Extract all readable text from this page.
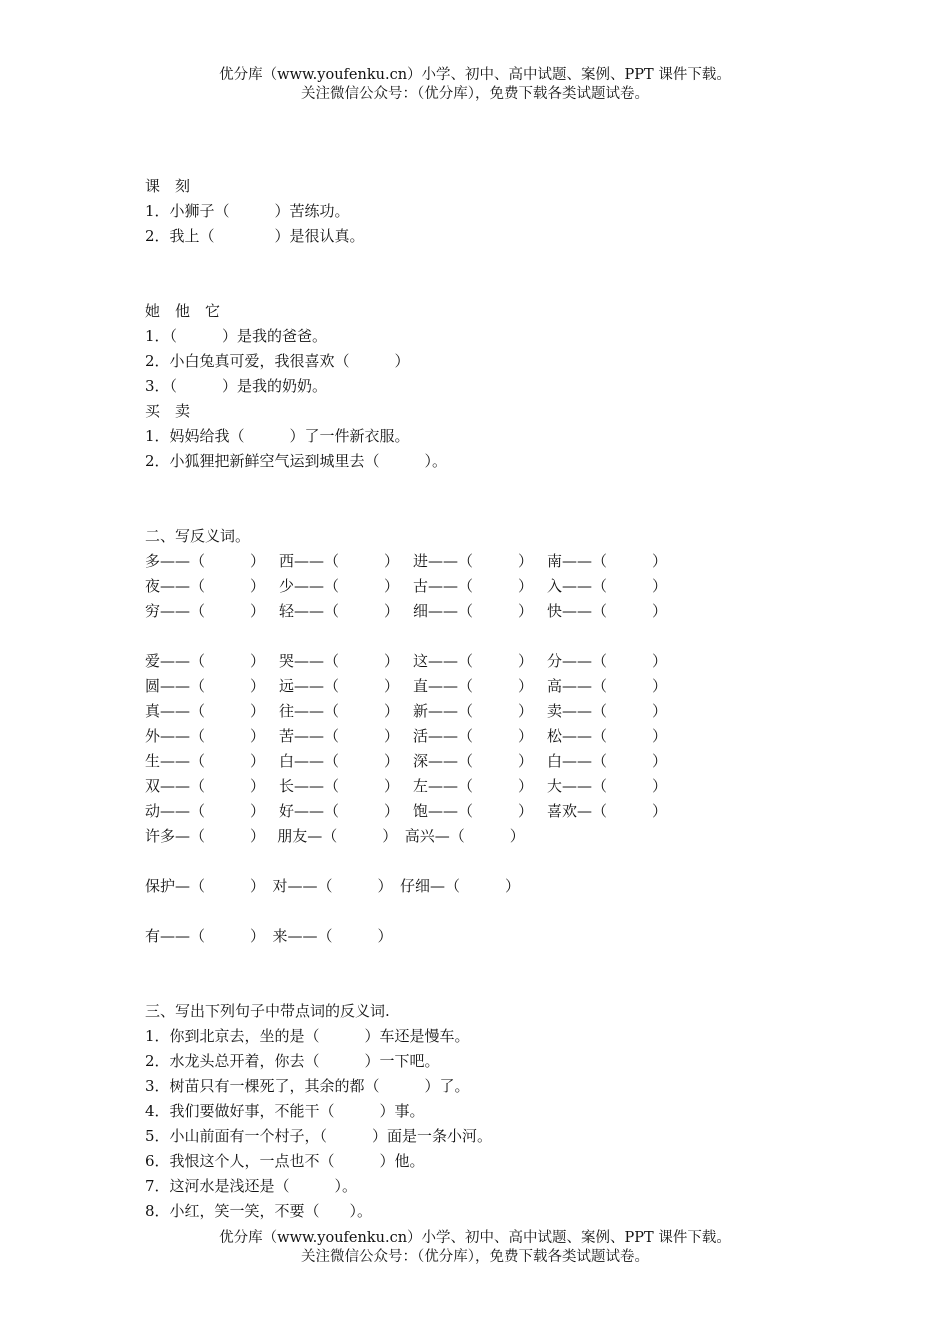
优分库（www.youfenku.cn）小学、初中、高中试题、案例、PPT 课件下载。
关注微信公众号：（优分库），免费下载各类试题试卷。
课　刻
1．小狮子（　　　）苦练功。
2．我上（　　　　）是很认真。
她　他　它
1．（　　　）是我的爸爸。
2．小白兔真可爱，我很喜欢（　　　）
3．（　　　）是我的奶奶。
买　卖
1．妈妈给我（　　　）了一件新衣服。
2．小狐狸把新鲜空气运到城里去（　　　）。
二、写反义词。

多——（　　　）

西——（　　　）

进——（　　　）

南——（　　　）

夜——（　　　）

少——（　　　）

古——（　　　）

入——（　　　）

穷——（　　　）

轻——（　　　）

细——（　　　）

快——（　　　）

爱——（　　　）

哭——（　　　）

这——（　　　）

分——（　　　）

圆——（　　　）

远——（　　　）

直——（　　　）

高——（　　　）

真——（　　　）

往——（　　　）

新——（　　　）

卖——（　　　）

外——（　　　）

苦——（　　　）

活——（　　　）

松——（　　　）

生——（　　　）

白——（　　　）

深——（　　　）

白——（　　　）

双——（　　　）

长——（　　　）

左——（　　　）

大——（　　　）

动——（　　　）

好——（　　　）

饱——（　　　）

喜欢—（　　　）

许多—（　　　）　 朋友—（　　　）　高兴—（　　　）
保护—（　　　）　对——（　　　）　仔细—（　　　）
有——（　　　）　来——（　　　）
三、写出下列句子中带点词的反义词.
1．你到北京去，坐的是（　　　）车还是慢车。
2．水龙头总开着，你去（　　　）一下吧。
3．树苗只有一棵死了，其余的都（　　　）了。
4．我们要做好事，不能干（　　　）事。
5．小山前面有一个村子，（　　　）面是一条小河。
6．我恨这个人，一点也不（　　　）他。
7．这河水是浅还是（　　　）。
8．小红，笑一笑，不要（　　）。
优分库（www.youfenku.cn）小学、初中、高中试题、案例、PPT 课件下载。
关注微信公众号：（优分库），免费下载各类试题试卷。
